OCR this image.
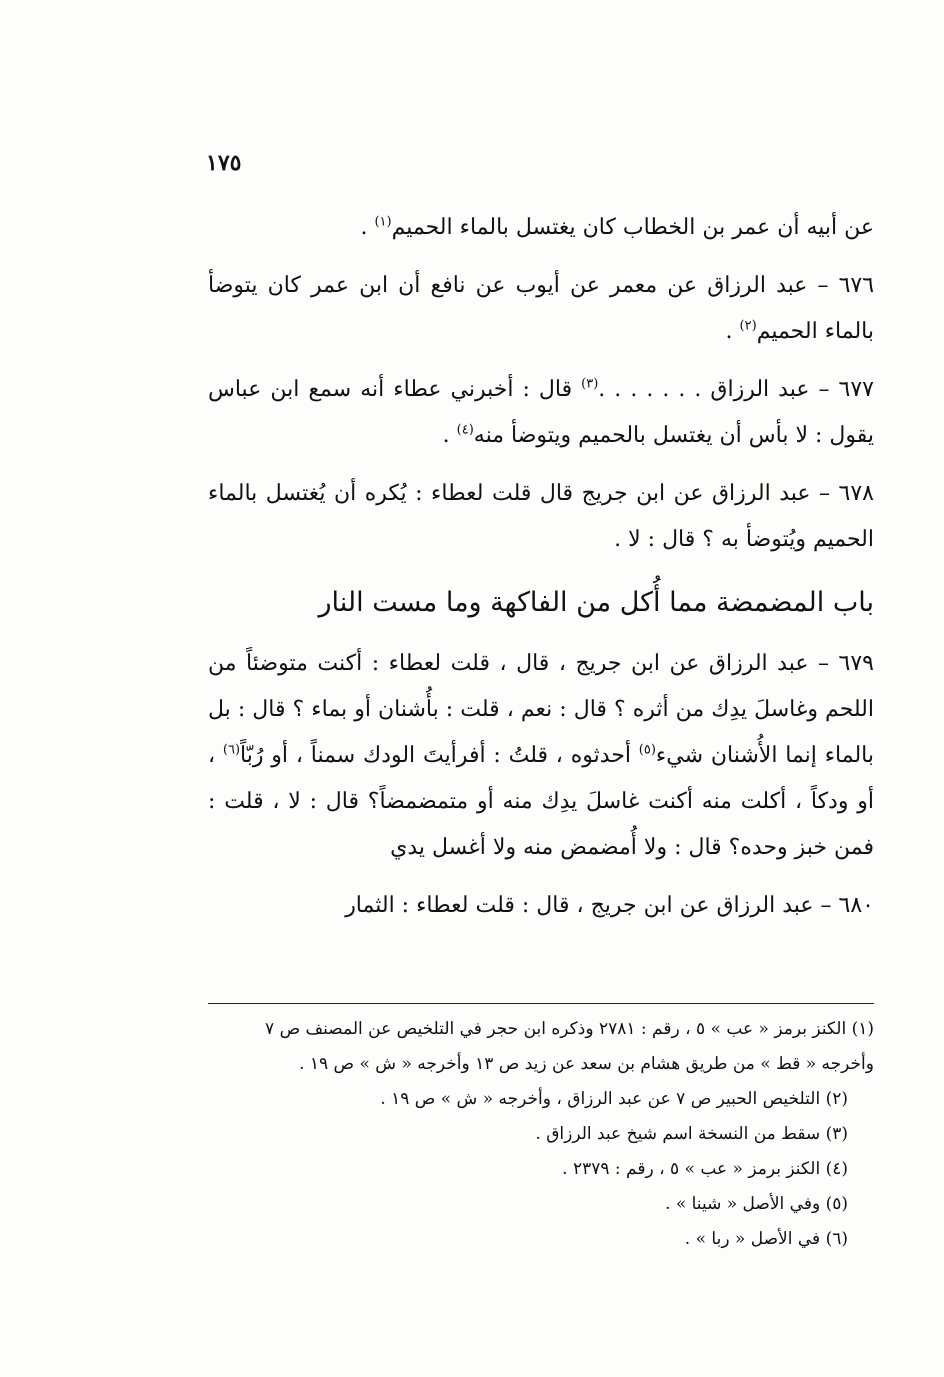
١٧٥

عن أبيه أن عمر بن الخطاب كان يغتسل بالماء الحميم$^{(١)}$ .

٦٧٦ – عبد الرزاق عن معمر عن أيوب عن نافع أن ابن عمر كان يتوضأ بالماء الحميم$^{(٢)}$ .

٦٧٧ – عبد الرزاق . . . . . . .$^{(٣)}$ قال : أخبرني عطاء أنه سمع ابن عباس يقول : لا بأس أن يغتسل بالحميم ويتوضأ منه$^{(٤)}$ .

٦٧٨ – عبد الرزاق عن ابن جريج قال قلت لعطاء : يُكره أن يُغتسل بالماء الحميم ويُتوضأ به ؟ قال : لا .

باب المضمضة مما أُكل من الفاكهة وما مست النار

٦٧٩ – عبد الرزاق عن ابن جريج ، قال ، قلت لعطاء : أكنت متوضئاً من اللحم وغاسلَ يدِك من أثره ؟ قال : نعم ، قلت : بأُشنان أو بماء ؟ قال : بل بالماء إنما الأُشنان شيء$^{(٥)}$ أحدثوه ، قلتُ : أفرأيتَ الودك سمناً ، أو رُبّاً$^{(٦)}$ ، أو ودكاً ، أكلت منه أكنت غاسلَ يدِك منه أو متمضمضاً؟ قال : لا ، قلت : فمن خبز وحده؟ قال : ولا أُمضمض منه ولا أغسل يدي

٦٨٠ – عبد الرزاق عن ابن جريج ، قال : قلت لعطاء : الثمار

(١) الكنز برمز « عب » ٥ ، رقم : ٢٧٨١ وذكره ابن حجر في التلخيص عن المصنف ص ٧ وأخرجه « قط » من طريق هشام بن سعد عن زيد ص ١٣ وأخرجه « ش » ص ١٩ .

(٢) التلخيص الحبير ص ٧ عن عبد الرزاق ، وأخرجه « ش » ص ١٩ .

(٣) سقط من النسخة اسم شيخ عبد الرزاق .

(٤) الكنز برمز « عب » ٥ ، رقم : ٢٣٧٩ .

(٥) وفي الأصل « شينا » .

(٦) في الأصل « ربا » .
